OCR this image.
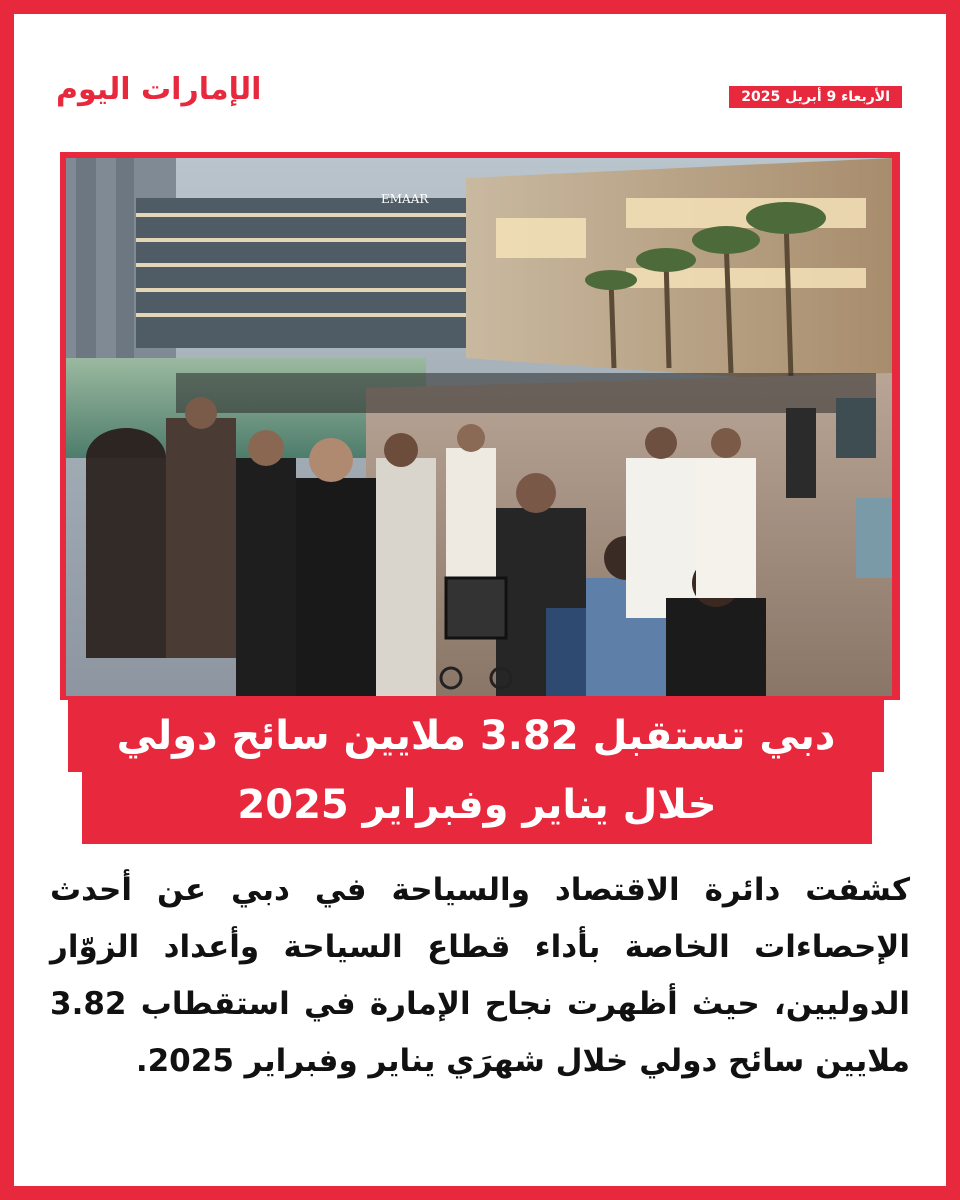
الإمارات اليوم	الأربعاء 9 أبريل 2025
EMAAR
دبي تستقبل 3.82 ملايين سائح دولي
خلال يناير وفبراير 2025
كشفت دائرة الاقتصاد والسياحة في دبي عن أحدث الإحصاءات الخاصة بأداء قطاع السياحة وأعداد الزوّار الدوليين، حيث أظهرت نجاح الإمارة في استقطاب 3.82 ملايين سائح دولي خلال شهرَي يناير وفبراير 2025.
